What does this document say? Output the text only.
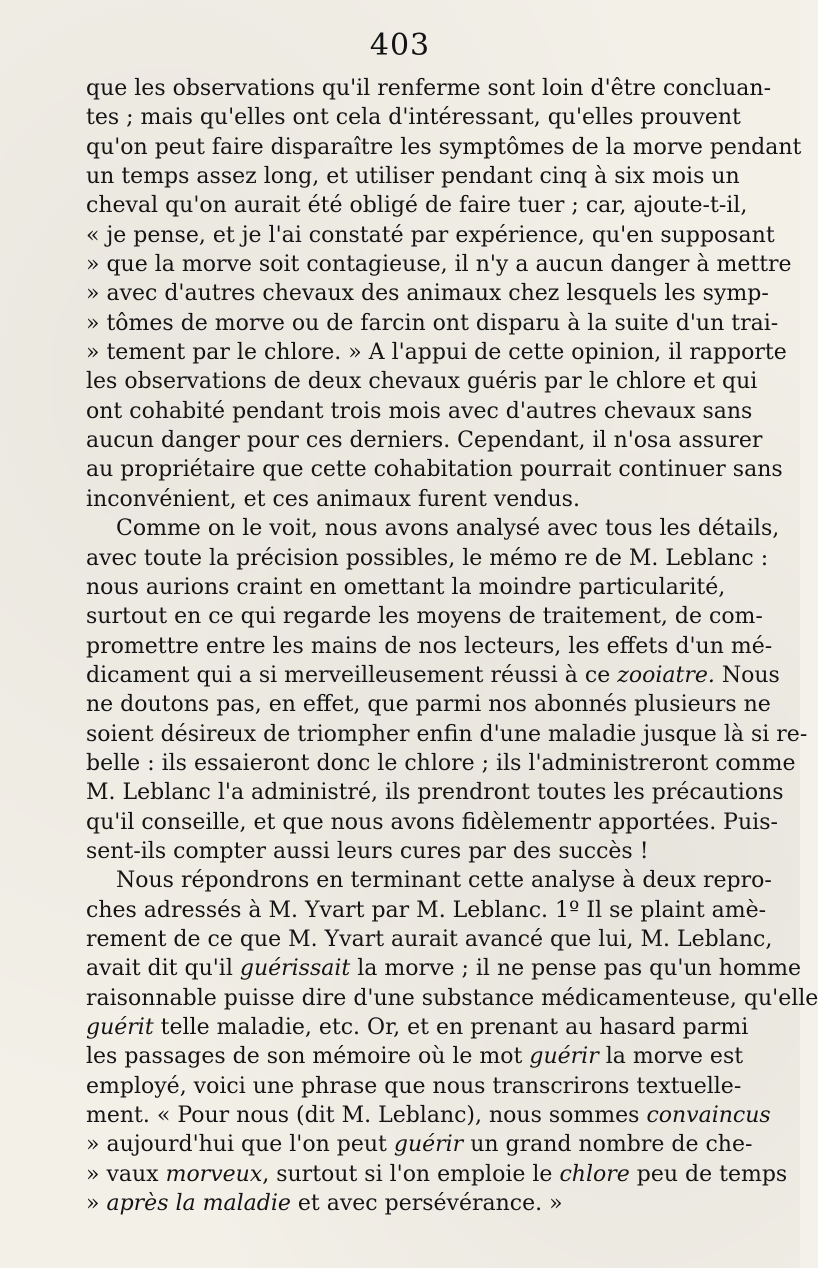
403
que les observations qu'il renferme sont loin d'être concluan-
tes ; mais qu'elles ont cela d'intéressant, qu'elles prouvent
qu'on peut faire disparaître les symptômes de la morve pendant
un temps assez long, et utiliser pendant cinq à six mois un
cheval qu'on aurait été obligé de faire tuer ; car, ajoute-t-il,
« je pense, et je l'ai constaté par expérience, qu'en supposant
» que la morve soit contagieuse, il n'y a aucun danger à mettre
» avec d'autres chevaux des animaux chez lesquels les symp-
» tômes de morve ou de farcin ont disparu à la suite d'un trai-
» tement par le chlore. » A l'appui de cette opinion, il rapporte
les observations de deux chevaux guéris par le chlore et qui
ont cohabité pendant trois mois avec d'autres chevaux sans
aucun danger pour ces derniers. Cependant, il n'osa assurer
au propriétaire que cette cohabitation pourrait continuer sans
inconvénient, et ces animaux furent vendus.
Comme on le voit, nous avons analysé avec tous les détails,
avec toute la précision possibles, le mémo re de M. Leblanc :
nous aurions craint en omettant la moindre particularité,
surtout en ce qui regarde les moyens de traitement, de com-
promettre entre les mains de nos lecteurs, les effets d'un mé-
dicament qui a si merveilleusement réussi à ce zooiatre. Nous
ne doutons pas, en effet, que parmi nos abonnés plusieurs ne
soient désireux de triompher enfin d'une maladie jusque là si re-
belle : ils essaieront donc le chlore ; ils l'administreront comme
M. Leblanc l'a administré, ils prendront toutes les précautions
qu'il conseille, et que nous avons fidèlementr apportées. Puis-
sent-ils compter aussi leurs cures par des succès !
Nous répondrons en terminant cette analyse à deux repro-
ches adressés à M. Yvart par M. Leblanc. 1º Il se plaint amè-
rement de ce que M. Yvart aurait avancé que lui, M. Leblanc,
avait dit qu'il guérissait la morve ; il ne pense pas qu'un homme
raisonnable puisse dire d'une substance médicamenteuse, qu'elle
guérit telle maladie, etc. Or, et en prenant au hasard parmi
les passages de son mémoire où le mot guérir la morve est
employé, voici une phrase que nous transcrirons textuelle-
ment. « Pour nous (dit M. Leblanc), nous sommes convaincus
» aujourd'hui que l'on peut guérir un grand nombre de che-
» vaux morveux, surtout si l'on emploie le chlore peu de temps
» après la maladie et avec persévérance. »
